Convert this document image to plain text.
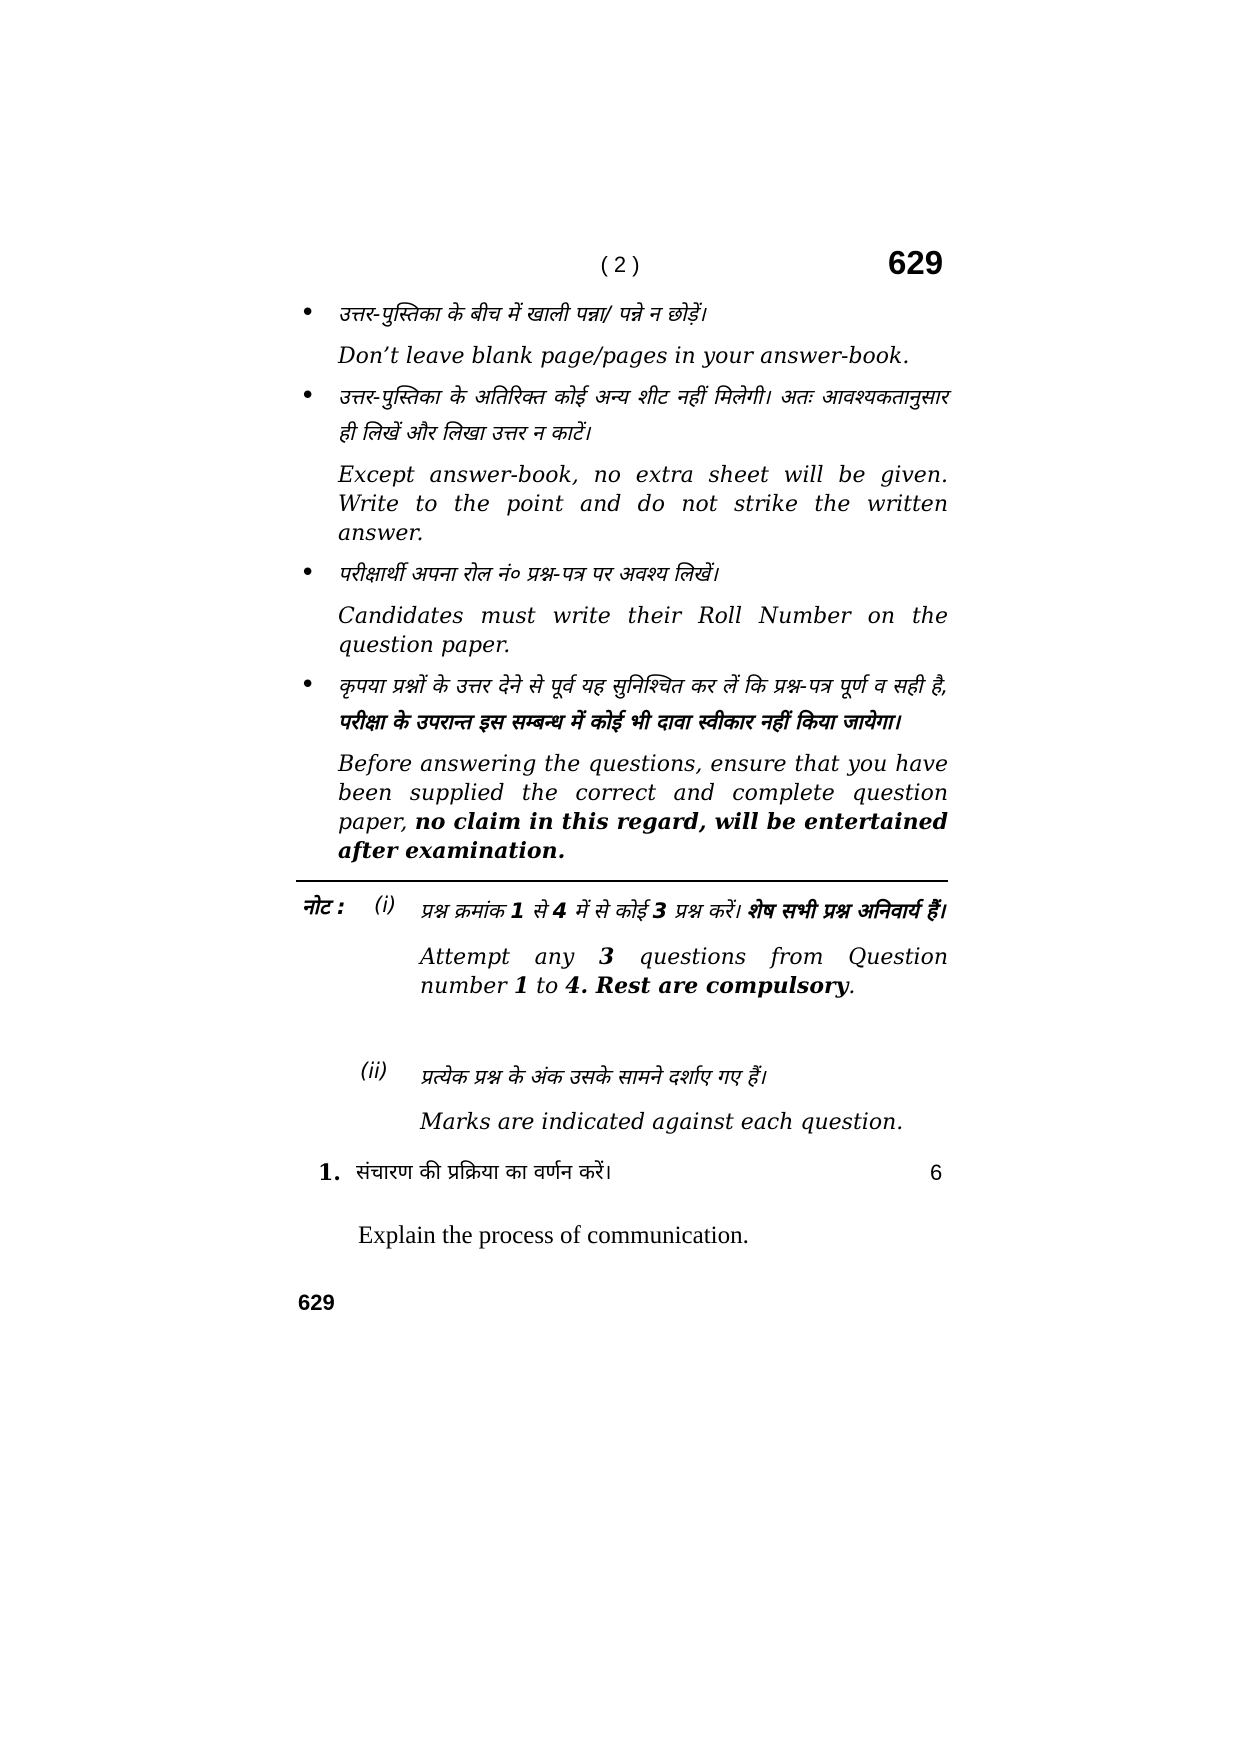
( 2 )	629
• उत्तर-पुस्तिका के बीच में खाली पन्ना/ पन्ने न छोड़ें।
Don’t leave blank page/pages in your answer-book.
• उत्तर-पुस्तिका के अतिरिक्त कोई अन्य शीट नहीं मिलेगी। अतः आवश्यकतानुसार ही लिखें और लिखा उत्तर न काटें।
Except answer-book, no extra sheet will be given. Write to the point and do not strike the written answer.
• परीक्षार्थी अपना रोल नं० प्रश्न-पत्र पर अवश्य लिखें।
Candidates must write their Roll Number on the question paper.
• कृपया प्रश्नों के उत्तर देने से पूर्व यह सुनिश्चित कर लें कि प्रश्न-पत्र पूर्ण व सही है, परीक्षा के उपरान्त इस सम्बन्ध में कोई भी दावा स्वीकार नहीं किया जायेगा।
Before answering the questions, ensure that you have been supplied the correct and complete question paper, no claim in this regard, will be entertained after examination.
नोट : (i) प्रश्न क्रमांक 1 से 4 में से कोई 3 प्रश्न करें। शेष सभी प्रश्न अनिवार्य हैं।
Attempt any 3 questions from Question number 1 to 4. Rest are compulsory.
(ii) प्रत्येक प्रश्न के अंक उसके सामने दर्शाए गए हैं।
Marks are indicated against each question.
1. संचारण की प्रक्रिया का वर्णन करें।	6
Explain the process of communication.
629
